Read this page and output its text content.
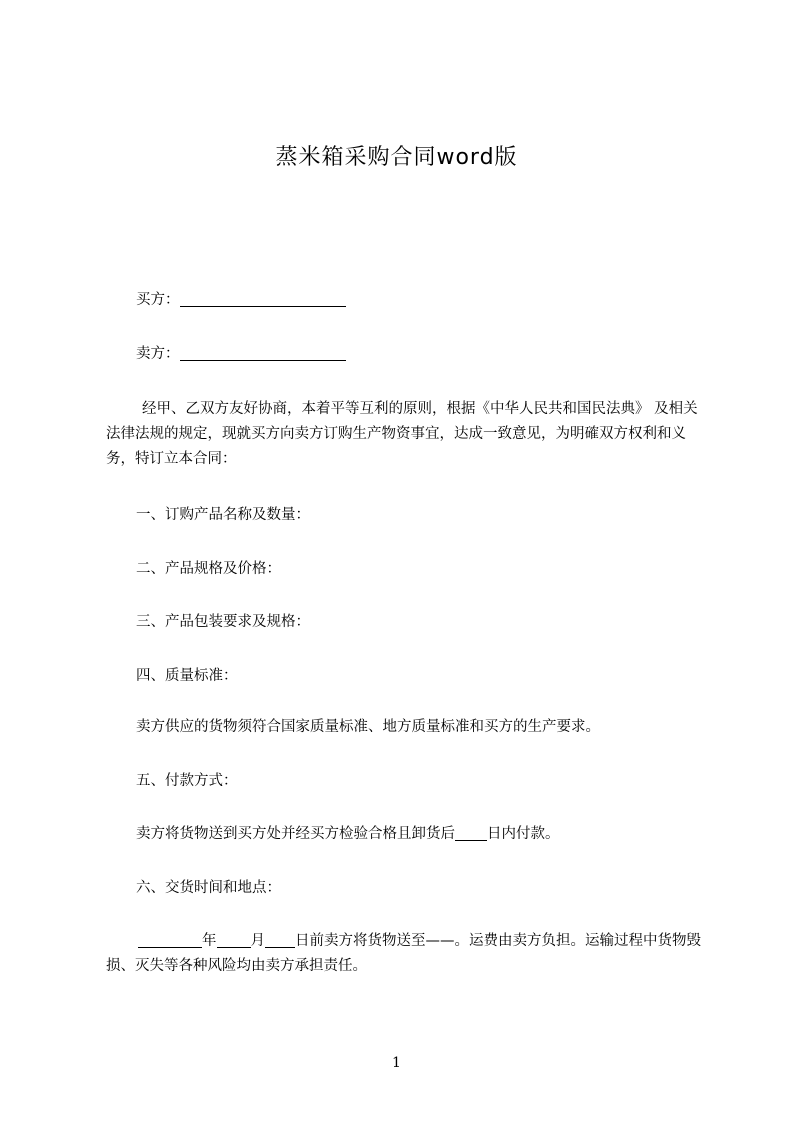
蒸米箱采购合同word版
买方：
卖方：
经甲、乙双方友好协商，本着平等互利的原则，根据《中华人民共和国民法典》 及相关法律法规的规定，现就买方向卖方订购生产物资事宜，达成一致意见，为明確双方权利和义务，特订立本合同：
一、订购产品名称及数量：
二、产品规格及价格：
三、产品包装要求及规格：
四、质量标准：
卖方供应的货物须符合国家质量标准、地方质量标准和买方的生产要求。
五、付款方式：
卖方将货物送到买方处并经买方检验合格且卸货后 日内付款。
六、交货时间和地点：
年 月 日前卖方将货物送至——。运费由卖方负担。运输过程中货物毁损、灭失等各种风险均由卖方承担责任。
1
